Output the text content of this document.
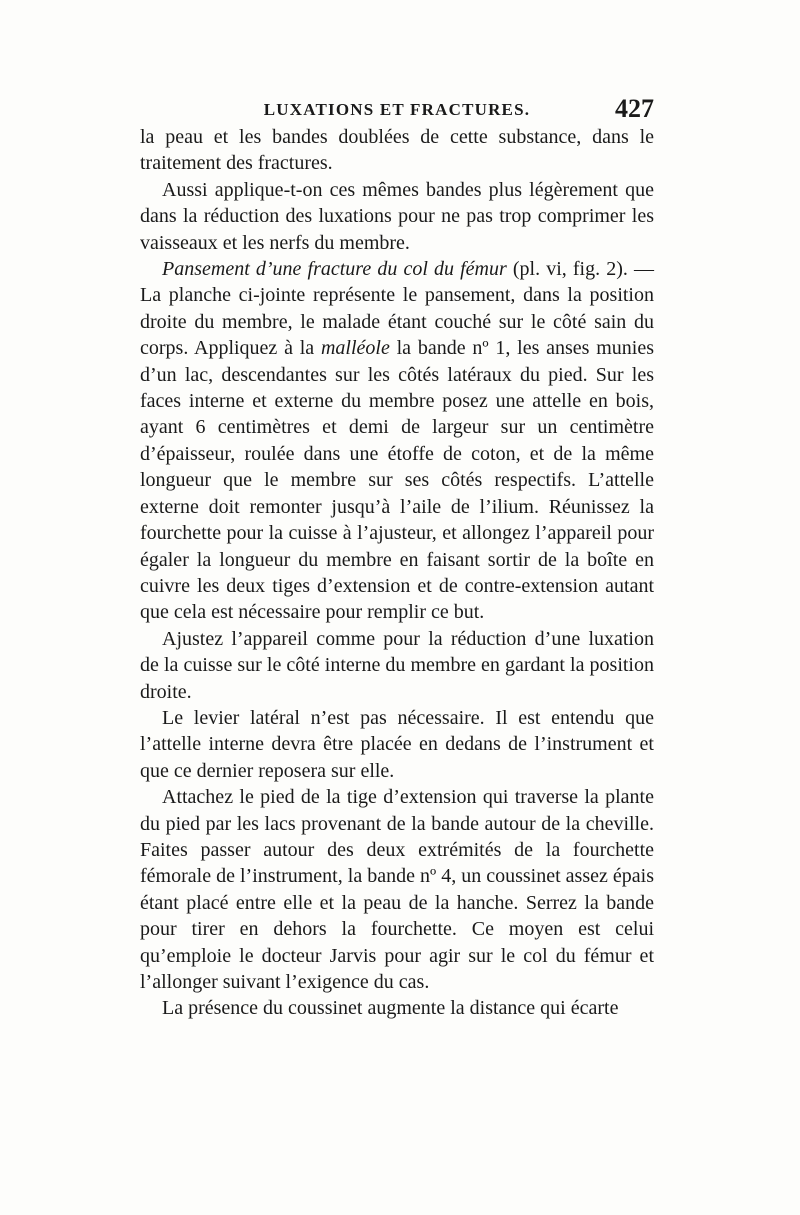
LUXATIONS ET FRACTURES.	427

la peau et les bandes doublées de cette substance, dans le traitement des fractures.

Aussi applique-t-on ces mêmes bandes plus légèrement que dans la réduction des luxations pour ne pas trop comprimer les vaisseaux et les nerfs du membre.

Pansement d’une fracture du col du fémur (pl. vi, fig. 2). — La planche ci-jointe représente le pansement, dans la position droite du membre, le malade étant couché sur le côté sain du corps. Appliquez à la malléole la bande nº 1, les anses munies d’un lac, descendantes sur les côtés latéraux du pied. Sur les faces interne et externe du membre posez une attelle en bois, ayant 6 centimètres et demi de largeur sur un centimètre d’épaisseur, roulée dans une étoffe de coton, et de la même longueur que le membre sur ses côtés respectifs. L’attelle externe doit remonter jusqu’à l’aile de l’ilium. Réunissez la fourchette pour la cuisse à l’ajusteur, et allongez l’appareil pour égaler la longueur du membre en faisant sortir de la boîte en cuivre les deux tiges d’extension et de contre-extension autant que cela est nécessaire pour remplir ce but.

Ajustez l’appareil comme pour la réduction d’une luxation de la cuisse sur le côté interne du membre en gardant la position droite.

Le levier latéral n’est pas nécessaire. Il est entendu que l’attelle interne devra être placée en dedans de l’instrument et que ce dernier reposera sur elle.

Attachez le pied de la tige d’extension qui traverse la plante du pied par les lacs provenant de la bande autour de la cheville. Faites passer autour des deux extrémités de la fourchette fémorale de l’instrument, la bande nº 4, un coussinet assez épais étant placé entre elle et la peau de la hanche. Serrez la bande pour tirer en dehors la fourchette. Ce moyen est celui qu’emploie le docteur Jarvis pour agir sur le col du fémur et l’allonger suivant l’exigence du cas.

La présence du coussinet augmente la distance qui écarte
